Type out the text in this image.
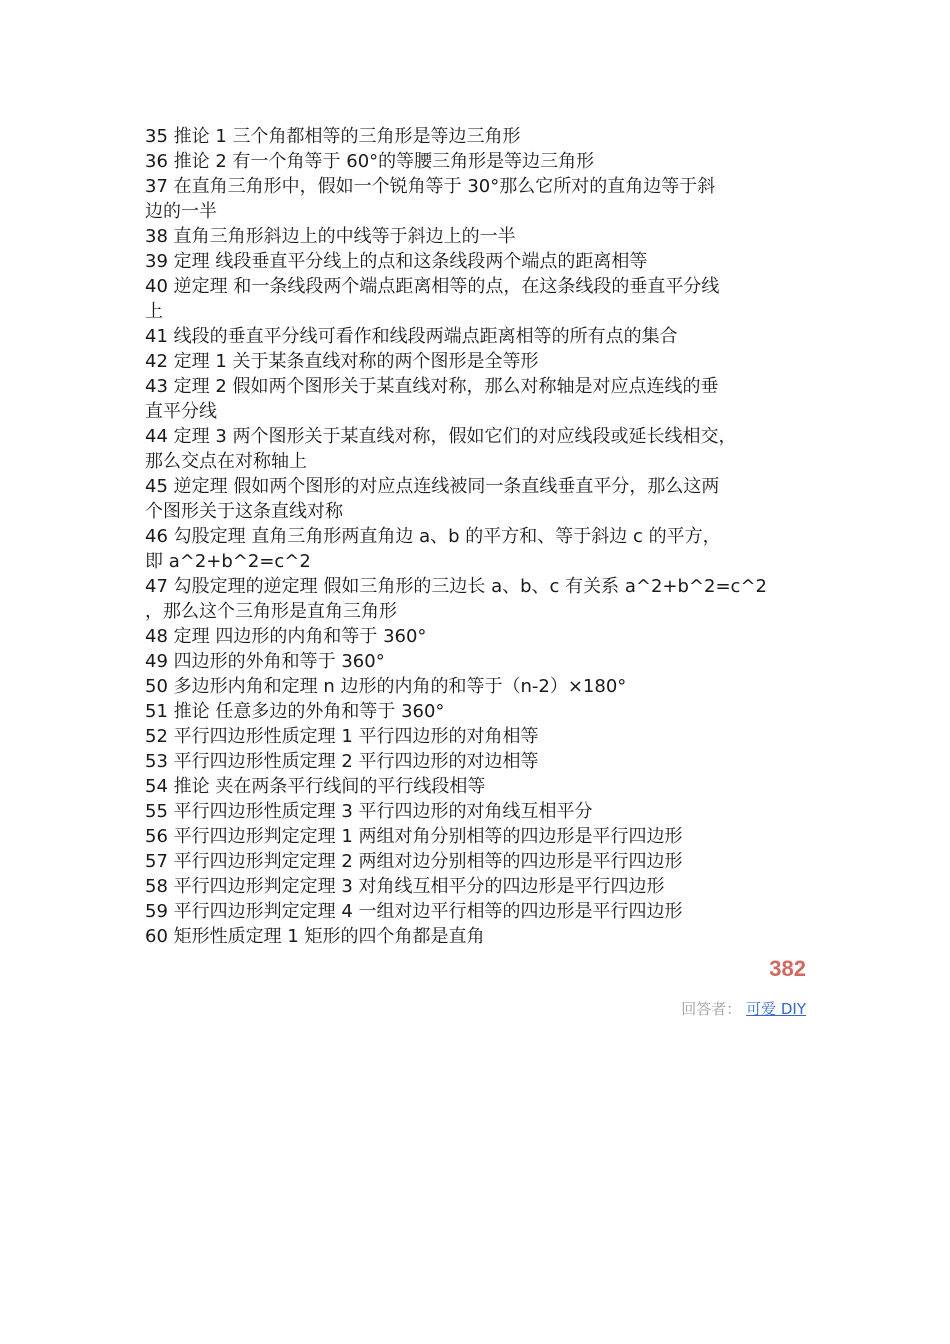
35 推论 1 三个角都相等的三角形是等边三角形
36 推论 2 有一个角等于 60°的等腰三角形是等边三角形
37 在直角三角形中，假如一个锐角等于 30°那么它所对的直角边等于斜
边的一半
38 直角三角形斜边上的中线等于斜边上的一半
39 定理 线段垂直平分线上的点和这条线段两个端点的距离相等
40 逆定理 和一条线段两个端点距离相等的点，在这条线段的垂直平分线
上
41 线段的垂直平分线可看作和线段两端点距离相等的所有点的集合
42 定理 1 关于某条直线对称的两个图形是全等形
43 定理 2 假如两个图形关于某直线对称，那么对称轴是对应点连线的垂
直平分线
44 定理 3 两个图形关于某直线对称，假如它们的对应线段或延长线相交，
那么交点在对称轴上
45 逆定理 假如两个图形的对应点连线被同一条直线垂直平分，那么这两
个图形关于这条直线对称
46 勾股定理 直角三角形两直角边 a、b 的平方和、等于斜边 c 的平方，
即 a^2+b^2=c^2
47 勾股定理的逆定理 假如三角形的三边长 a、b、c 有关系 a^2+b^2=c^2
，那么这个三角形是直角三角形
48 定理 四边形的内角和等于 360°
49 四边形的外角和等于 360°
50 多边形内角和定理 n 边形的内角的和等于（n-2）×180°
51 推论 任意多边的外角和等于 360°
52 平行四边形性质定理 1 平行四边形的对角相等
53 平行四边形性质定理 2 平行四边形的对边相等
54 推论 夹在两条平行线间的平行线段相等
55 平行四边形性质定理 3 平行四边形的对角线互相平分
56 平行四边形判定定理 1 两组对角分别相等的四边形是平行四边形
57 平行四边形判定定理 2 两组对边分别相等的四边形是平行四边形
58 平行四边形判定定理 3 对角线互相平分的四边形是平行四边形
59 平行四边形判定定理 4 一组对边平行相等的四边形是平行四边形
60 矩形性质定理 1 矩形的四个角都是直角
382
回答者： 可爱 DIY
